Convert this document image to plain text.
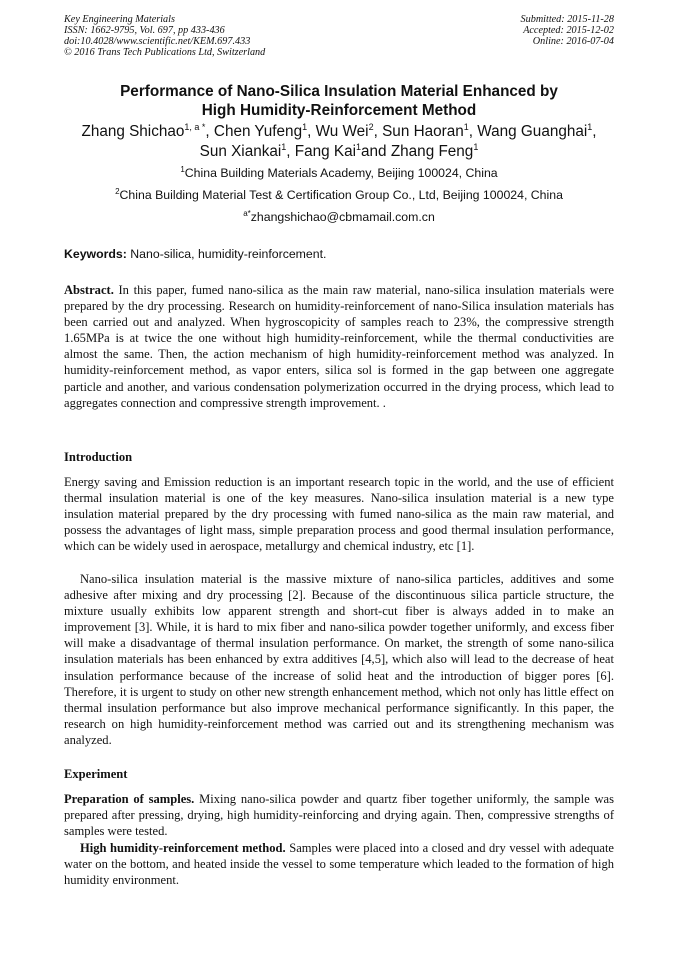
Key Engineering Materials
ISSN: 1662-9795, Vol. 697, pp 433-436
doi:10.4028/www.scientific.net/KEM.697.433
© 2016 Trans Tech Publications Ltd, Switzerland
Submitted: 2015-11-28
Accepted: 2015-12-02
Online: 2016-07-04
Performance of Nano-Silica Insulation Material Enhanced by
High Humidity-Reinforcement Method
Zhang Shichao$^{1, a *}$, Chen Yufeng$^1$, Wu Wei$^2$, Sun Haoran$^1$, Wang Guanghai$^1$,
Sun Xiankai$^1$, Fang Kai$^1$and Zhang Feng$^1$
$^1$China Building Materials Academy, Beijing 100024, China
$^2$China Building Material Test & Certification Group Co., Ltd, Beijing 100024, China
$^{a*}$zhangshichao@cbmamail.com.cn
Keywords: Nano-silica, humidity-reinforcement.
Abstract. In this paper, fumed nano-silica as the main raw material, nano-silica insulation materials were prepared by the dry processing. Research on humidity-reinforcement of nano-Silica insulation materials has been carried out and analyzed. When hygroscopicity of samples reach to 23%, the compressive strength 1.65MPa is at twice the one without high humidity-reinforcement, while the thermal conductivities are almost the same. Then, the action mechanism of high humidity-reinforcement method was analyzed. In humidity-reinforcement method, as vapor enters, silica sol is formed in the gap between one aggregate particle and another, and various condensation polymerization occurred in the drying process, which lead to aggregates connection and compressive strength improvement. .
Introduction
Energy saving and Emission reduction is an important research topic in the world, and the use of efficient thermal insulation material is one of the key measures. Nano-silica insulation material is a new type insulation material prepared by the dry processing with fumed nano-silica as the main raw material, and possess the advantages of light mass, simple preparation process and good thermal insulation performance, which can be widely used in aerospace, metallurgy and chemical industry, etc [1].
Nano-silica insulation material is the massive mixture of nano-silica particles, additives and some adhesive after mixing and dry processing [2]. Because of the discontinuous silica particle structure, the mixture usually exhibits low apparent strength and short-cut fiber is always added in to make an improvement [3]. While, it is hard to mix fiber and nano-silica powder together uniformly, and excess fiber will make a disadvantage of thermal insulation performance. On market, the strength of some nano-silica insulation materials has been enhanced by extra additives [4,5], which also will lead to the decrease of heat insulation performance because of the increase of solid heat and the introduction of bigger pores [6]. Therefore, it is urgent to study on other new strength enhancement method, which not only has little effect on thermal insulation performance but also improve mechanical performance significantly. In this paper, the research on high humidity-reinforcement method was carried out and its strengthening mechanism was analyzed.
Experiment
Preparation of samples. Mixing nano-silica powder and quartz fiber together uniformly, the sample was prepared after pressing, drying, high humidity-reinforcing and drying again. Then, compressive strengths of samples were tested.
High humidity-reinforcement method. Samples were placed into a closed and dry vessel with adequate water on the bottom, and heated inside the vessel to some temperature which leaded to the formation of high humidity environment.
